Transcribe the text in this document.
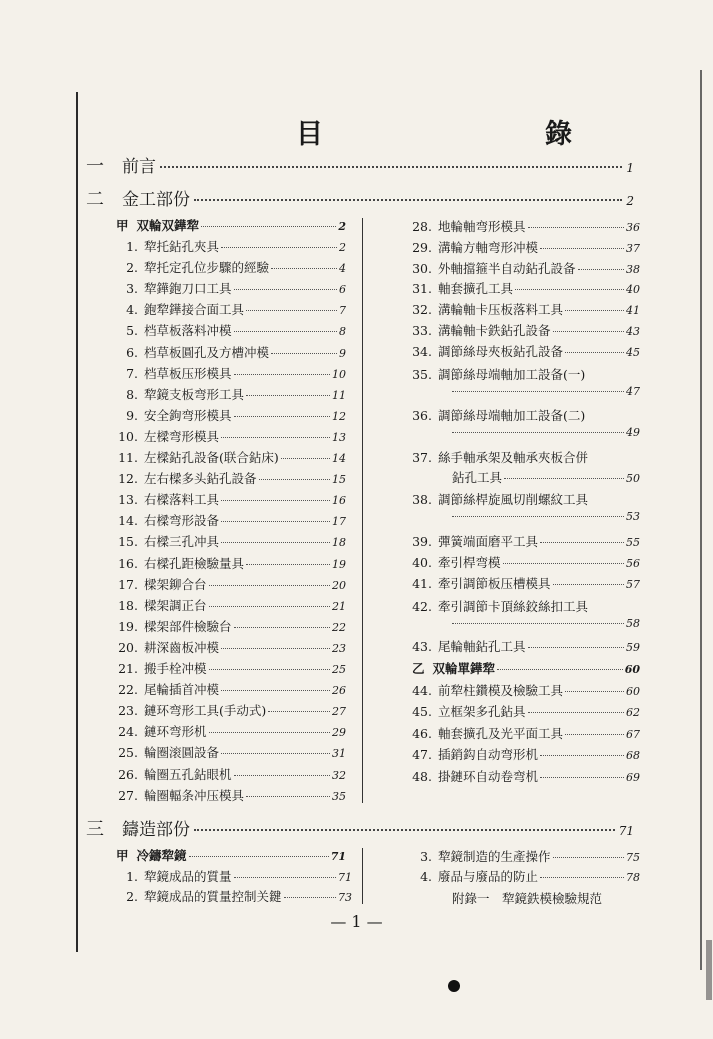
目　　錄
一	前言	1
二	金工部份	2
甲 双輪双鏵犂	2
1. 犂托鉆孔夾具	2
2. 犂托定孔位步驟的經驗	4
3. 犂鏵鉋刀口工具	6
4. 鉋犂鏵接合面工具	7
5. 档草板落料冲模	8
6. 档草板圓孔及方槽冲模	9
7. 档草板压形模具	10
8. 犂鏡支板弯形工具	11
9. 安全鉤弯形模具	12
10. 左樑弯形模具	13
11. 左樑鉆孔設备(联合鉆床)	14
12. 左右樑多头鉆孔設备	15
13. 右樑落料工具	16
14. 右樑弯形設备	17
15. 右樑三孔冲具	18
16. 右樑孔距檢驗量具	19
17. 樑架鉚合台	20
18. 樑架調正台	21
19. 樑架部件檢驗台	22
20. 耕深齒板冲模	23
21. 搬手栓冲模	25
22. 尾輪插首冲模	26
23. 鏈环弯形工具(手动式)	27
24. 鏈环弯形机	29
25. 輪圈滚圓設备	31
26. 輪圈五孔鉆眼机	32
27. 輪圈輻条冲压模具	35
28. 地輪軸弯形模具	36
29. 溝輪方軸弯形冲模	37
30. 外軸擋箍半自动鉆孔設备	38
31. 軸套擴孔工具	40
32. 溝輪軸卡压板落料工具	41
33. 溝輪軸卡鉄鉆孔設备	43
34. 調節絲母夾板鉆孔設备	45
35. 調節絲母端軸加工設备(一)
47
36. 調節絲母端軸加工設备(二)
49
37. 絲手軸承架及軸承夾板合併
鉆孔工具	50
38. 調節絲桿旋風切削螺紋工具
53
39. 彈簧端面磨平工具	55
40. 牽引桿弯模	56
41. 牽引調節板压槽模具	57
42. 牽引調節卡頂絲鉸絲扣工具
58
43. 尾輪軸鉆孔工具	59
乙 双輪單鏵犂	60
44. 前犂柱鑽模及檢驗工具	60
45. 立框架多孔鉆具	62
46. 軸套擴孔及光平面工具	67
47. 插銷鈎自动弯形机	68
48. 掛鏈环自动卷弯机	69
三	鑄造部份	71
甲 冷鑄犂鏡	71
1. 犂鏡成品的質量	71
2. 犂鏡成品的質量控制关鍵	73
3. 犂鏡制造的生產操作	75
4. 廢品与廢品的防止	78
附錄一　犂鏡鉄模檢驗規范
— 1 —
